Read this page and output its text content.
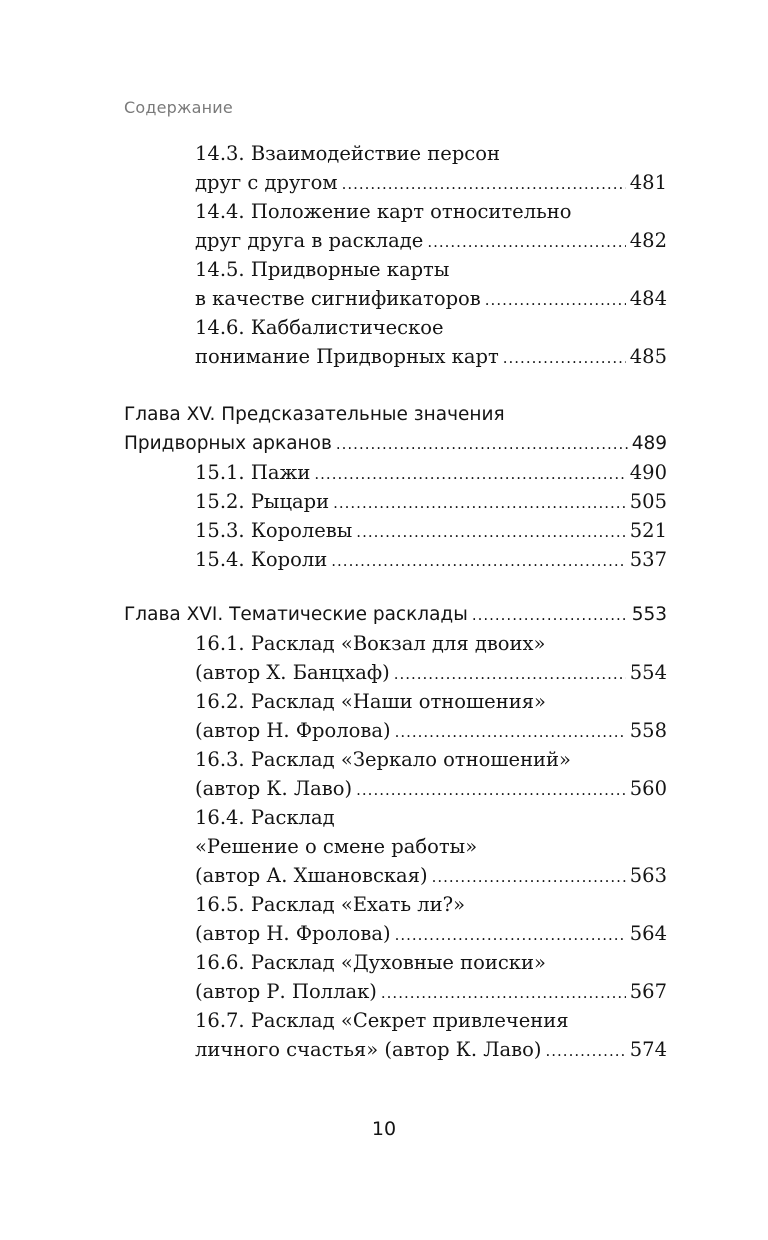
Содержание
14.3. Взаимодействие персон
друг с другом .....	481
14.4. Положение карт относительно
друг друга в раскладе .....	482
14.5. Придворные карты
в качестве сигнификаторов .....	484
14.6. Каббалистическое
понимание Придворных карт .....	485
Глава XV. Предсказательные значения
Придворных арканов .....	489
15.1. Пажи .....	490
15.2. Рыцари .....	505
15.3. Королевы .....	521
15.4. Короли .....	537
Глава XVI. Тематические расклады .....	553
16.1. Расклад «Вокзал для двоих»
(автор Х. Банцхаф) .....	554
16.2. Расклад «Наши отношения»
(автор Н. Фролова) .....	558
16.3. Расклад «Зеркало отношений»
(автор К. Лаво) .....	560
16.4. Расклад
«Решение о смене работы»
(автор А. Хшановская) .....	563
16.5. Расклад «Ехать ли?»
(автор Н. Фролова) .....	564
16.6. Расклад «Духовные поиски»
(автор Р. Поллак) .....	567
16.7. Расклад «Секрет привлечения
личного счастья» (автор К. Лаво) .....	574
10
